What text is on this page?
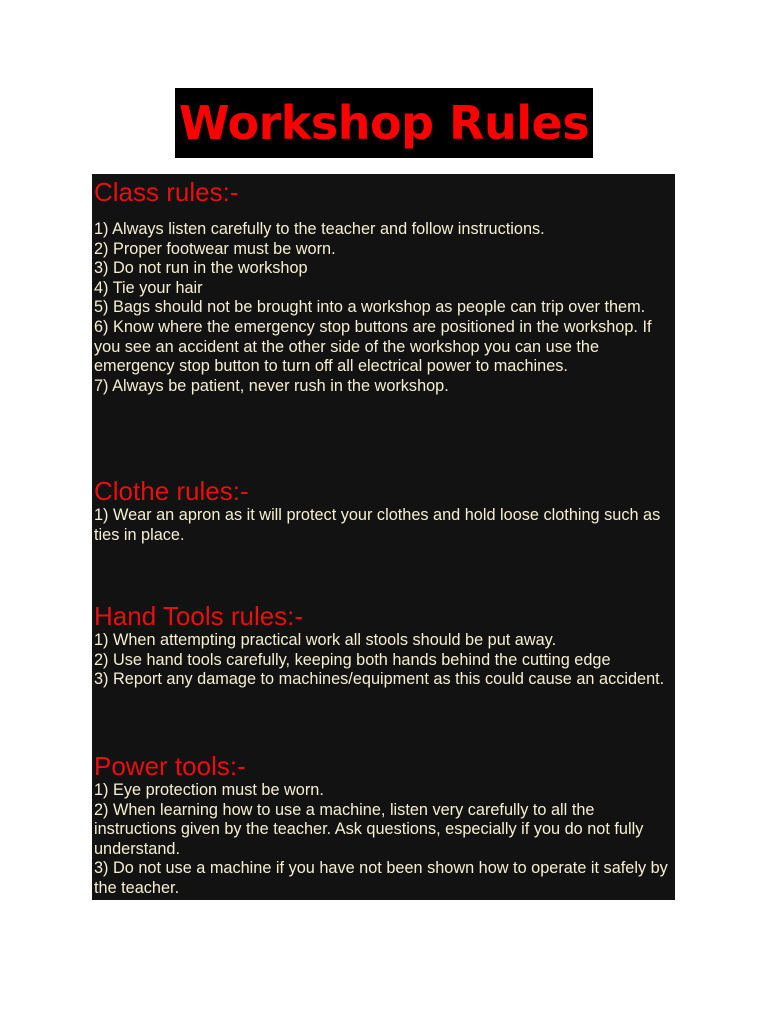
Workshop Rules
Class rules:-
1) Always listen carefully to the teacher and follow instructions.
2) Proper footwear must be worn.
3) Do not run in the workshop
4) Tie your hair
5) Bags should not be brought into a workshop as people can trip over them.
6) Know where the emergency stop buttons are positioned in the workshop. If you see an accident at the other side of the workshop you can use the emergency stop button to turn off all electrical power to machines.
7) Always be patient, never rush in the workshop.
Clothe rules:-
1) Wear an apron as it will protect your clothes and hold loose clothing such as ties in place.
Hand Tools rules:-
1) When attempting practical work all stools should be put away.
2) Use hand tools carefully, keeping both hands behind the cutting edge
3) Report any damage to machines/equipment as this could cause an accident.
Power tools:-
1) Eye protection must be worn.
2) When learning how to use a machine, listen very carefully to all the instructions given by the teacher. Ask questions, especially if you do not fully understand.
3) Do not use a machine if you have not been shown how to operate it safely by the teacher.
